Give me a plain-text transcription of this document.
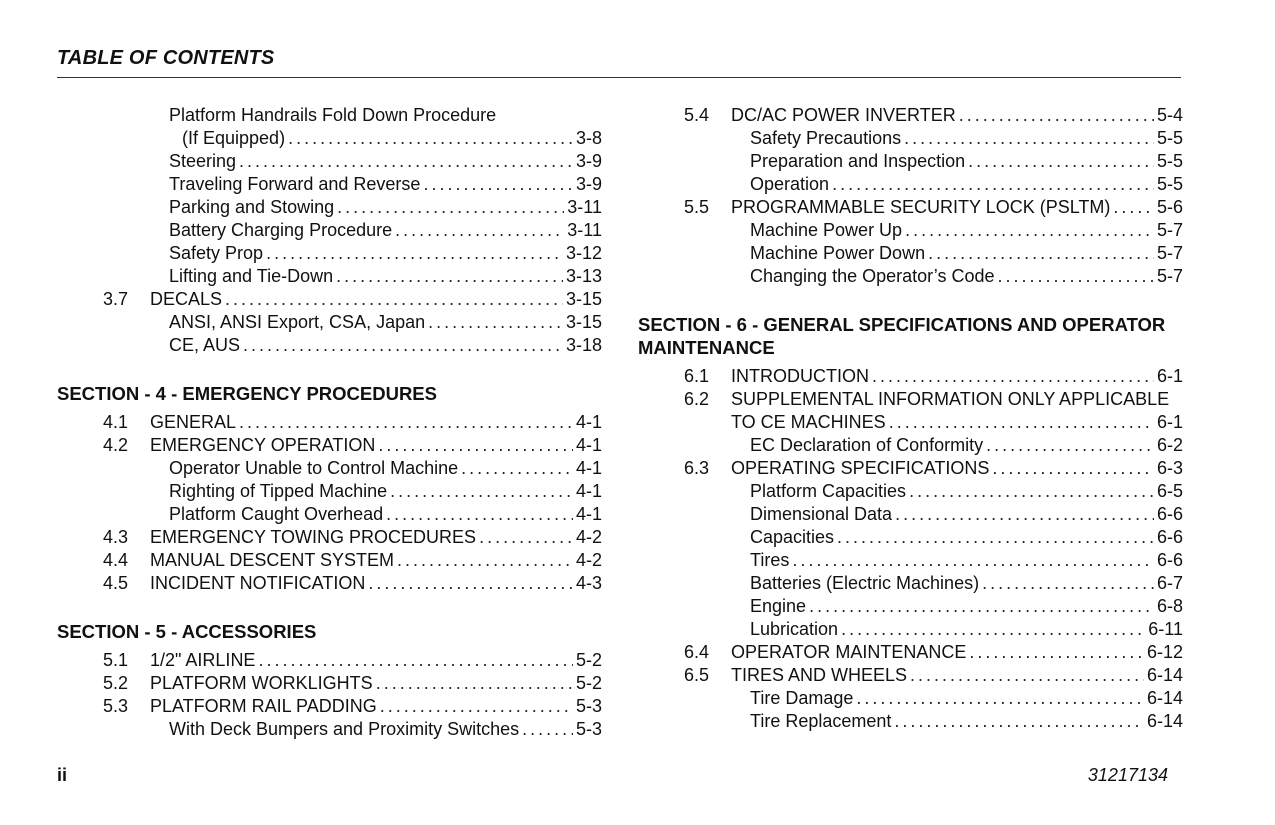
TABLE OF CONTENTS
Platform Handrails Fold Down Procedure
(If Equipped) . . .	3-8
Steering . . .	3-9
Traveling Forward and Reverse . . .	3-9
Parking and Stowing . . .	3-11
Battery Charging Procedure . . .	3-11
Safety Prop . . .	3-12
Lifting and Tie-Down . . .	3-13
3.7 DECALS . . .	3-15
ANSI, ANSI Export, CSA, Japan . . .	3-15
CE, AUS . . .	3-18
SECTION - 4 - EMERGENCY PROCEDURES
4.1 GENERAL . . .	4-1
4.2 EMERGENCY OPERATION . . .	4-1
Operator Unable to Control Machine . . .	4-1
Righting of Tipped Machine . . .	4-1
Platform Caught Overhead . . .	4-1
4.3 EMERGENCY TOWING PROCEDURES . . .	4-2
4.4 MANUAL DESCENT SYSTEM . . .	4-2
4.5 INCIDENT NOTIFICATION . . .	4-3
SECTION - 5 - ACCESSORIES
5.1 1/2" AIRLINE . . .	5-2
5.2 PLATFORM WORKLIGHTS . . .	5-2
5.3 PLATFORM RAIL PADDING . . .	5-3
With Deck Bumpers and Proximity Switches . . .	5-3
5.4 DC/AC POWER INVERTER . . .	5-4
Safety Precautions . . .	5-5
Preparation and Inspection . . .	5-5
Operation . . .	5-5
5.5 PROGRAMMABLE SECURITY LOCK (PSLTM) . . .	5-6
Machine Power Up . . .	5-7
Machine Power Down . . .	5-7
Changing the Operator’s Code . . .	5-7
SECTION - 6 - GENERAL SPECIFICATIONS AND OPERATOR
MAINTENANCE
6.1 INTRODUCTION . . .	6-1
6.2 SUPPLEMENTAL INFORMATION ONLY APPLICABLE
TO CE MACHINES . . .	6-1
EC Declaration of Conformity . . .	6-2
6.3 OPERATING SPECIFICATIONS . . .	6-3
Platform Capacities . . .	6-5
Dimensional Data . . .	6-6
Capacities . . .	6-6
Tires . . .	6-6
Batteries (Electric Machines) . . .	6-7
Engine . . .	6-8
Lubrication . . .	6-11
6.4 OPERATOR MAINTENANCE . . .	6-12
6.5 TIRES AND WHEELS . . .	6-14
Tire Damage . . .	6-14
Tire Replacement . . .	6-14
ii	31217134
